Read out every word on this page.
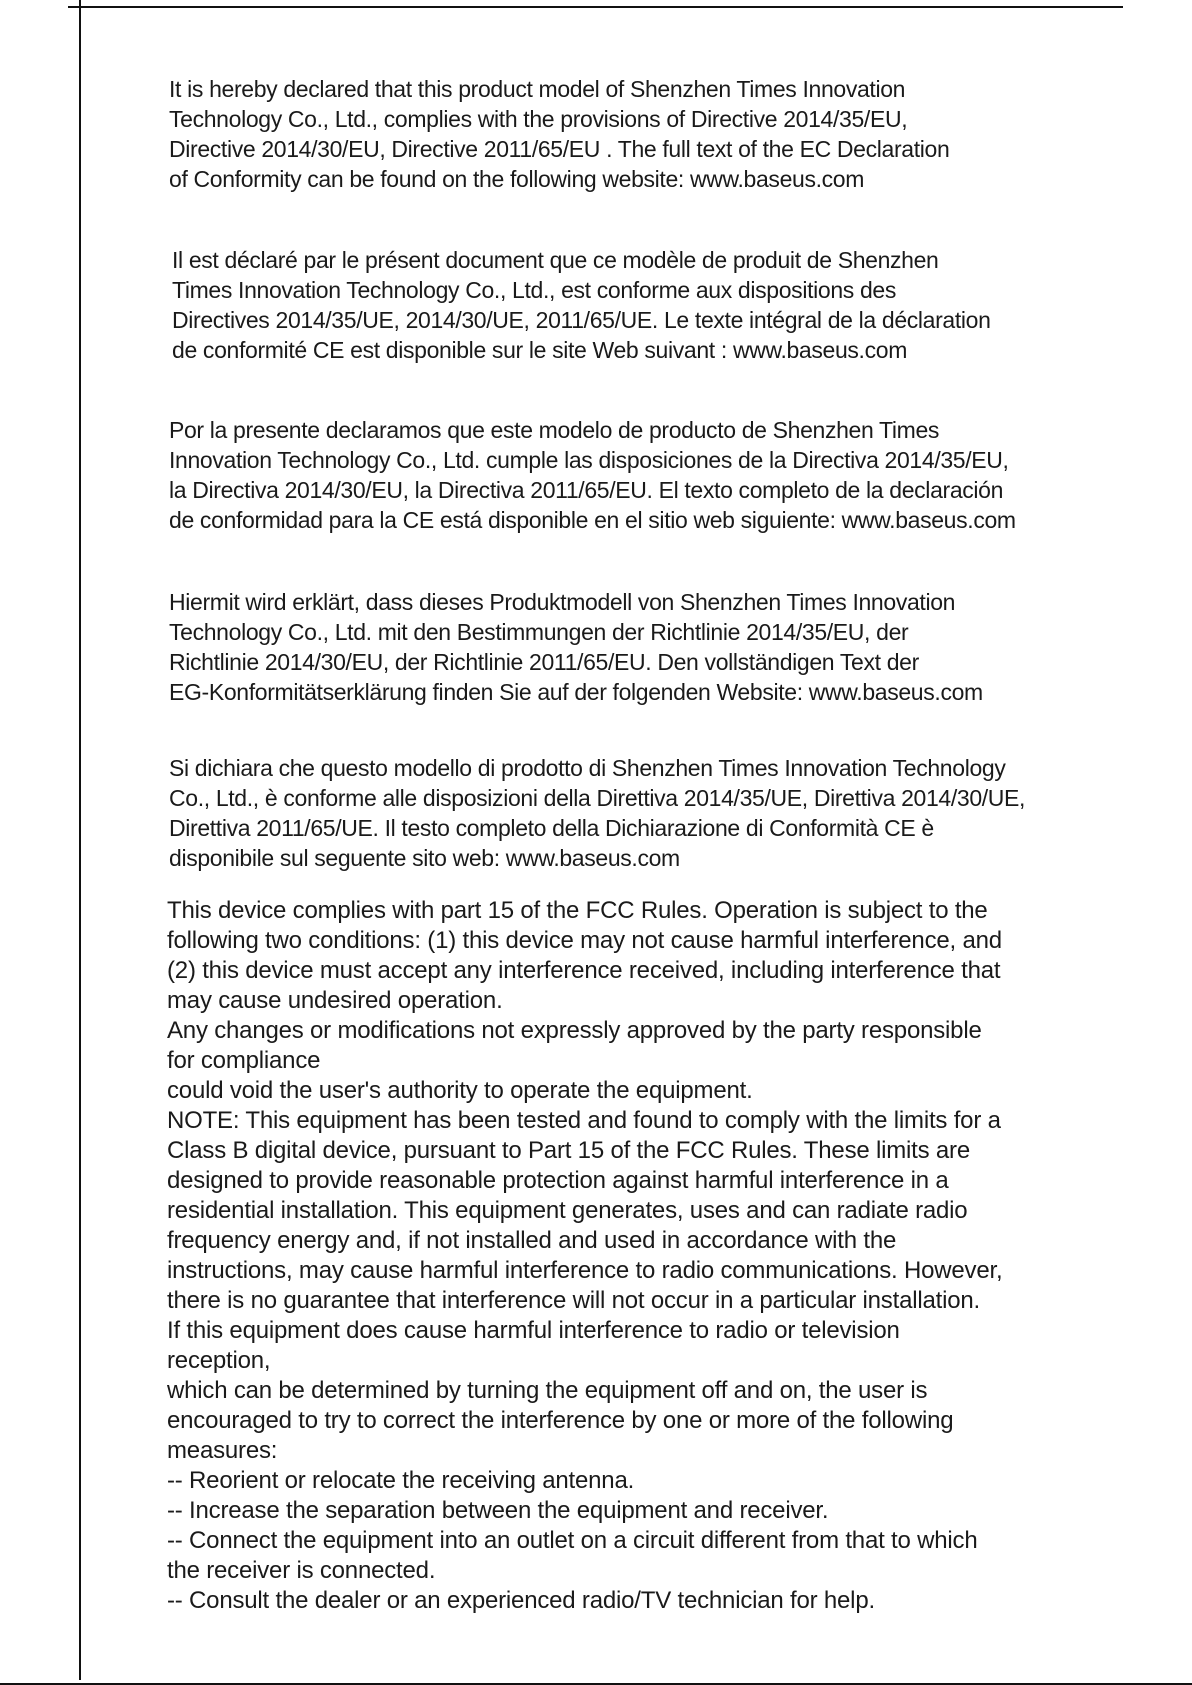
It is hereby declared that this product model of Shenzhen Times Innovation
Technology Co., Ltd., complies with the provisions of Directive 2014/35/EU,
Directive 2014/30/EU, Directive 2011/65/EU . The full text of the EC Declaration
of Conformity can be found on the following website: www.baseus.com
Il est déclaré par le présent document que ce modèle de produit de Shenzhen
Times Innovation Technology Co., Ltd., est conforme aux dispositions des
Directives 2014/35/UE, 2014/30/UE, 2011/65/UE. Le texte intégral de la déclaration
de conformité CE est disponible sur le site Web suivant : www.baseus.com
Por la presente declaramos que este modelo de producto de Shenzhen Times
Innovation Technology Co., Ltd. cumple las disposiciones de la Directiva 2014/35/EU,
la Directiva 2014/30/EU, la Directiva 2011/65/EU. El texto completo de la declaración
de conformidad para la CE está disponible en el sitio web siguiente: www.baseus.com
Hiermit wird erklärt, dass dieses Produktmodell von Shenzhen Times Innovation
Technology Co., Ltd. mit den Bestimmungen der Richtlinie 2014/35/EU, der
Richtlinie 2014/30/EU, der Richtlinie 2011/65/EU. Den vollständigen Text der
EG-Konformitätserklärung finden Sie auf der folgenden Website: www.baseus.com
Si dichiara che questo modello di prodotto di Shenzhen Times Innovation Technology
Co., Ltd., è conforme alle disposizioni della Direttiva 2014/35/UE, Direttiva 2014/30/UE,
Direttiva 2011/65/UE. Il testo completo della Dichiarazione di Conformità CE è
disponibile sul seguente sito web: www.baseus.com
This device complies with part 15 of the FCC Rules. Operation is subject to the
following two conditions: (1) this device may not cause harmful interference, and
(2) this device must accept any interference received, including interference that
may cause undesired operation.
Any changes or modifications not expressly approved by the party responsible
for compliance
could void the user's authority to operate the equipment.
NOTE: This equipment has been tested and found to comply with the limits for a
Class B digital device, pursuant to Part 15 of the FCC Rules. These limits are
designed to provide reasonable protection against harmful interference in a
residential installation. This equipment generates, uses and can radiate radio
frequency energy and, if not installed and used in accordance with the
instructions, may cause harmful interference to radio communications. However,
there is no guarantee that interference will not occur in a particular installation.
If this equipment does cause harmful interference to radio or television
reception,
which can be determined by turning the equipment off and on, the user is
encouraged to try to correct the interference by one or more of the following
measures:
-- Reorient or relocate the receiving antenna.
-- Increase the separation between the equipment and receiver.
-- Connect the equipment into an outlet on a circuit different from that to which
the receiver is connected.
-- Consult the dealer or an experienced radio/TV technician for help.
